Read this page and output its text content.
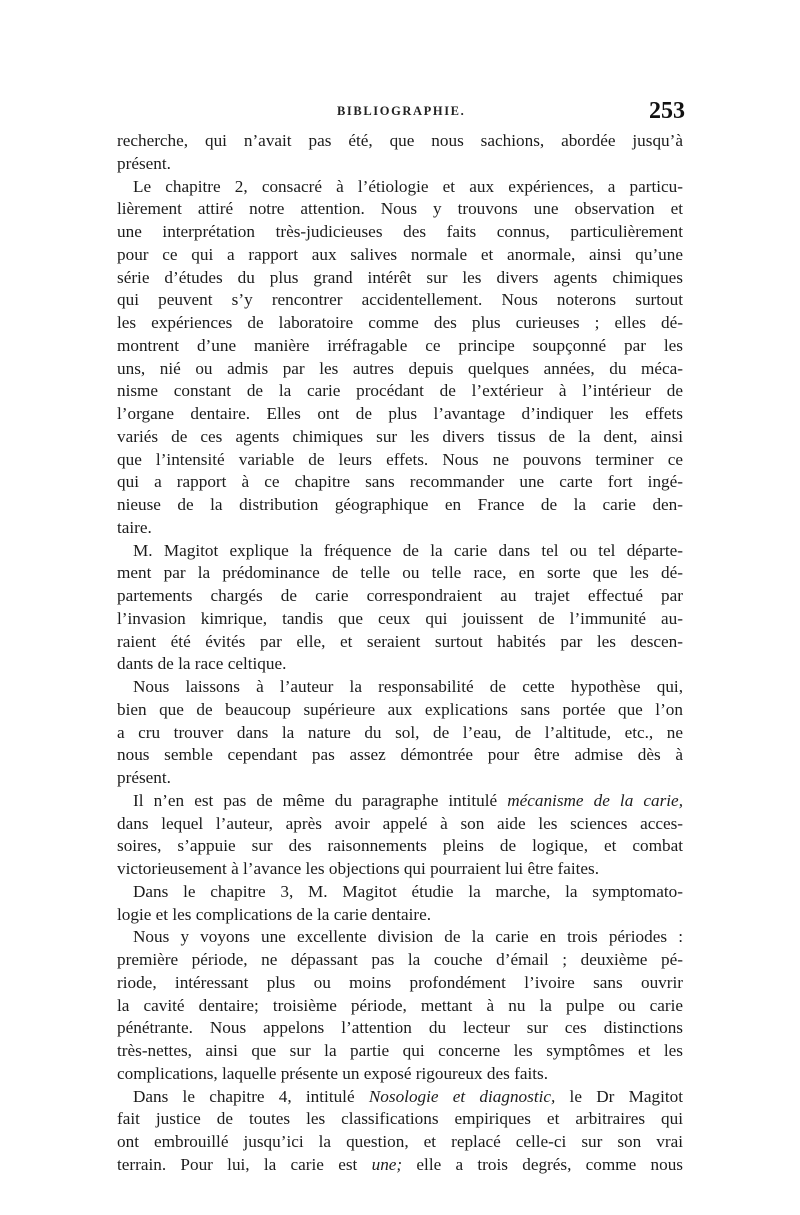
BIBLIOGRAPHIE.	253
recherche, qui n’avait pas été, que nous sachions, abordée jusqu’à
présent.
Le chapitre 2, consacré à l’étiologie et aux expériences, a particu-
lièrement attiré notre attention. Nous y trouvons une observation et
une interprétation très-judicieuses des faits connus, particulièrement
pour ce qui a rapport aux salives normale et anormale, ainsi qu’une
série d’études du plus grand intérêt sur les divers agents chimiques
qui peuvent s’y rencontrer accidentellement. Nous noterons surtout
les expériences de laboratoire comme des plus curieuses ; elles dé-
montrent d’une manière irréfragable ce principe soupçonné par les
uns, nié ou admis par les autres depuis quelques années, du méca-
nisme constant de la carie procédant de l’extérieur à l’intérieur de
l’organe dentaire. Elles ont de plus l’avantage d’indiquer les effets
variés de ces agents chimiques sur les divers tissus de la dent, ainsi
que l’intensité variable de leurs effets. Nous ne pouvons terminer ce
qui a rapport à ce chapitre sans recommander une carte fort ingé-
nieuse de la distribution géographique en France de la carie den-
taire.
M. Magitot explique la fréquence de la carie dans tel ou tel départe-
ment par la prédominance de telle ou telle race, en sorte que les dé-
partements chargés de carie correspondraient au trajet effectué par
l’invasion kimrique, tandis que ceux qui jouissent de l’immunité au-
raient été évités par elle, et seraient surtout habités par les descen-
dants de la race celtique.
Nous laissons à l’auteur la responsabilité de cette hypothèse qui,
bien que de beaucoup supérieure aux explications sans portée que l’on
a cru trouver dans la nature du sol, de l’eau, de l’altitude, etc., ne
nous semble cependant pas assez démontrée pour être admise dès à
présent.
Il n’en est pas de même du paragraphe intitulé mécanisme de la carie,
dans lequel l’auteur, après avoir appelé à son aide les sciences acces-
soires, s’appuie sur des raisonnements pleins de logique, et combat
victorieusement à l’avance les objections qui pourraient lui être faites.
Dans le chapitre 3, M. Magitot étudie la marche, la symptomato-
logie et les complications de la carie dentaire.
Nous y voyons une excellente division de la carie en trois périodes :
première période, ne dépassant pas la couche d’émail ; deuxième pé-
riode, intéressant plus ou moins profondément l’ivoire sans ouvrir
la cavité dentaire; troisième période, mettant à nu la pulpe ou carie
pénétrante. Nous appelons l’attention du lecteur sur ces distinctions
très-nettes, ainsi que sur la partie qui concerne les symptômes et les
complications, laquelle présente un exposé rigoureux des faits.
Dans le chapitre 4, intitulé Nosologie et diagnostic, le Dr Magitot
fait justice de toutes les classifications empiriques et arbitraires qui
ont embrouillé jusqu’ici la question, et replacé celle-ci sur son vrai
terrain. Pour lui, la carie est une; elle a trois degrés, comme nous
